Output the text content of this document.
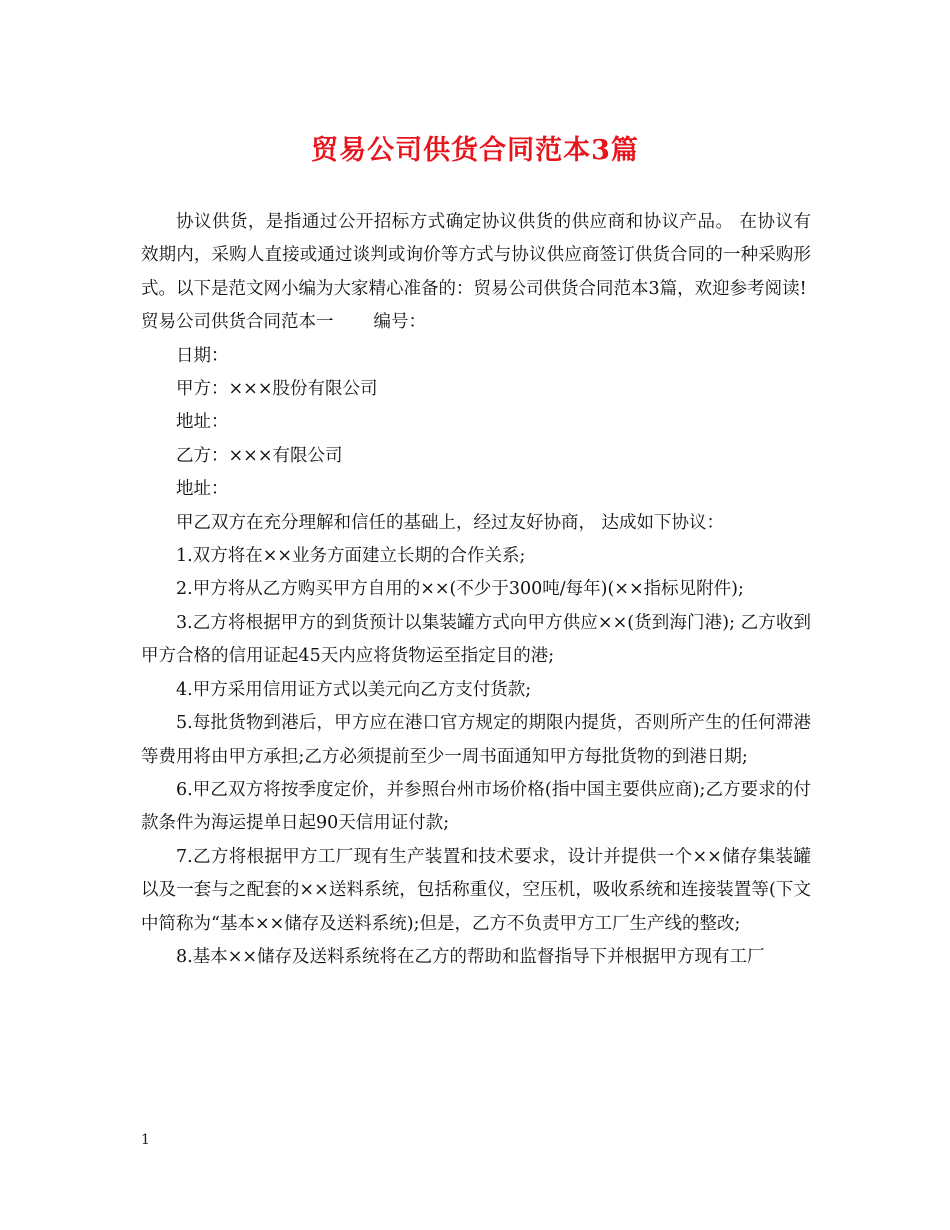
贸易公司供货合同范本3篇

协议供货，是指通过公开招标方式确定协议供货的供应商和协议产品。 在协议有效期内，采购人直接或通过谈判或询价等方式与协议供应商签订供货合同的一种采购形式。以下是范文网小编为大家精心准备的：贸易公司供货合同范本3篇，欢迎参考阅读!

贸易公司供货合同范本一 编号：

日期：

甲方：×××股份有限公司

地址：

乙方：×××有限公司

地址：

甲乙双方在充分理解和信任的基础上，经过友好协商， 达成如下协议：

1.双方将在××业务方面建立长期的合作关系;

2.甲方将从乙方购买甲方自用的××(不少于300吨/每年)(××指标见附件);

3.乙方将根据甲方的到货预计以集装罐方式向甲方供应××(货到海门港); 乙方收到甲方合格的信用证起45天内应将货物运至指定目的港;

4.甲方采用信用证方式以美元向乙方支付货款;

5.每批货物到港后，甲方应在港口官方规定的期限内提货，否则所产生的任何滞港等费用将由甲方承担;乙方必须提前至少一周书面通知甲方每批货物的到港日期;

6.甲乙双方将按季度定价，并参照台州市场价格(指中国主要供应商);乙方要求的付款条件为海运提单日起90天信用证付款;

7.乙方将根据甲方工厂现有生产装置和技术要求，设计并提供一个××储存集装罐以及一套与之配套的××送料系统，包括称重仪，空压机，吸收系统和连接装置等(下文中简称为“基本××储存及送料系统);但是，乙方不负责甲方工厂生产线的整改;

8.基本××储存及送料系统将在乙方的帮助和监督指导下并根据甲方现有工厂

1
